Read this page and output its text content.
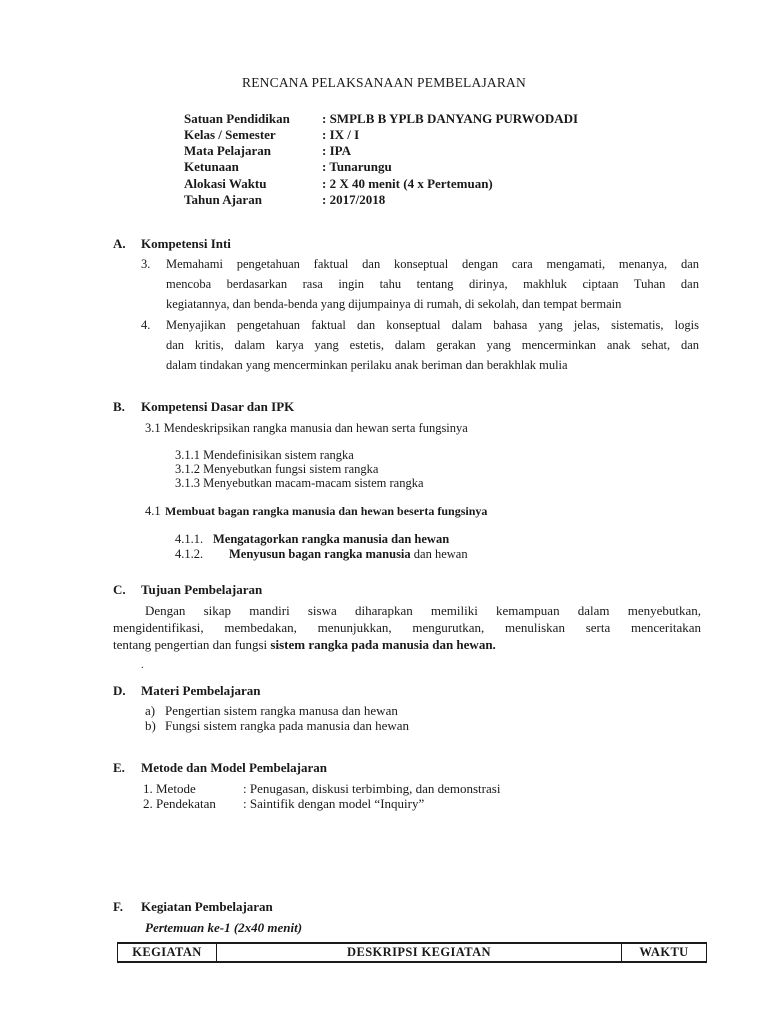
RENCANA PELAKSANAAN PEMBELAJARAN
Satuan Pendidikan : SMPLB B YPLB DANYANG PURWODADI
Kelas / Semester	: IX / I
Mata Pelajaran	: IPA
Ketunaan	: Tunarungu
Alokasi Waktu	: 2 X 40 menit (4 x Pertemuan)
Tahun Ajaran	: 2017/2018
A. Kompetensi Inti
3. Memahami pengetahuan faktual dan konseptual dengan cara mengamati, menanya, dan
mencoba berdasarkan rasa ingin tahu tentang dirinya, makhluk ciptaan Tuhan dan
kegiatannya, dan benda-benda yang dijumpainya di rumah, di sekolah, dan tempat bermain
4. Menyajikan pengetahuan faktual dan konseptual dalam bahasa yang jelas, sistematis, logis
dan kritis, dalam karya yang estetis, dalam gerakan yang mencerminkan anak sehat, dan
dalam tindakan yang mencerminkan perilaku anak beriman dan berakhlak mulia
B. Kompetensi Dasar dan IPK
3.1 Mendeskripsikan rangka manusia dan hewan serta fungsinya
3.1.1 Mendefinisikan sistem rangka
3.1.2 Menyebutkan fungsi sistem rangka
3.1.3 Menyebutkan macam-macam sistem rangka
4.1 Membuat bagan rangka manusia dan hewan beserta fungsinya
4.1.1. Mengatagorkan rangka manusia dan hewan
4.1.2. Menyusun bagan rangka manusia dan hewan
C. Tujuan Pembelajaran
Dengan sikap mandiri siswa diharapkan memiliki kemampuan dalam menyebutkan,
mengidentifikasi, membedakan, menunjukkan, mengurutkan, menuliskan serta menceritakan
tentang pengertian dan fungsi sistem rangka pada manusia dan hewan.
.
D. Materi Pembelajaran
a) Pengertian sistem rangka manusa dan hewan
b) Fungsi sistem rangka pada manusia dan hewan
E. Metode dan Model Pembelajaran
1. Metode	: Penugasan, diskusi terbimbing, dan demonstrasi
2. Pendekatan : Saintifik dengan model “Inquiry”
F. Kegiatan Pembelajaran
Pertemuan ke-1 (2x40 menit)
KEGIATAN	DESKRIPSI KEGIATAN	WAKTU
